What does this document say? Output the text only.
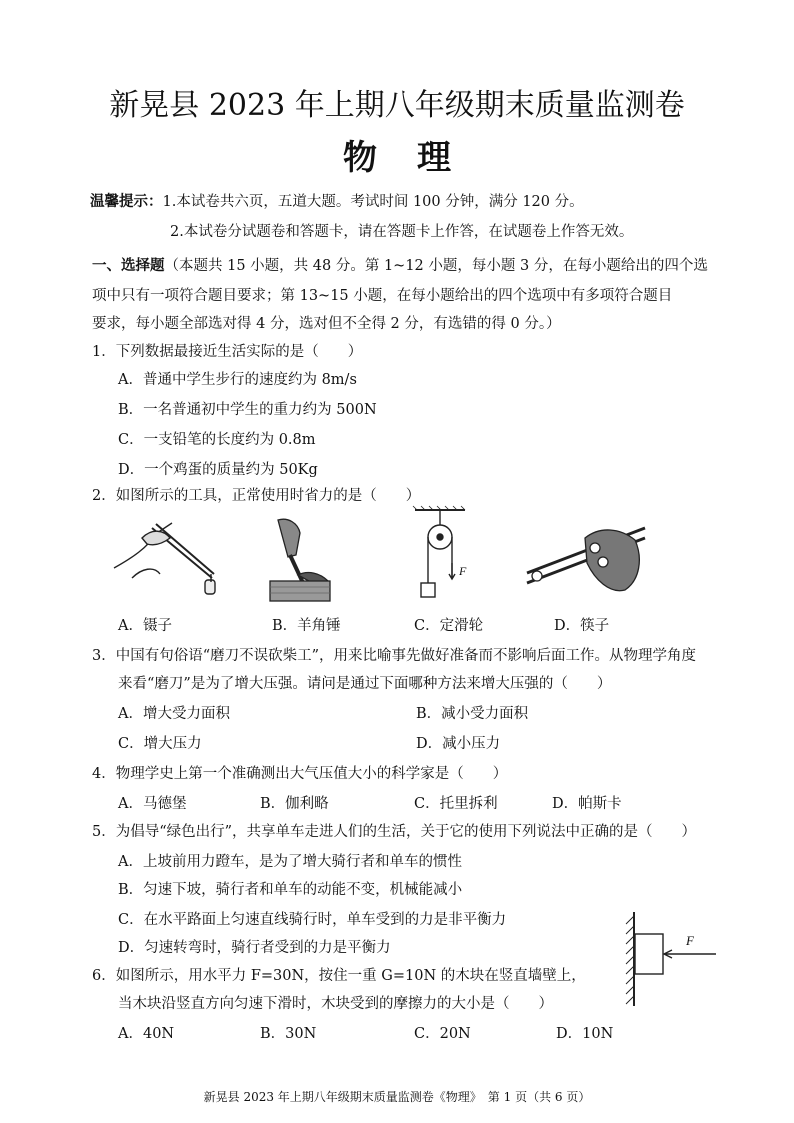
新晃县 2023 年上期八年级期末质量监测卷
物理
温馨提示：1.本试卷共六页，五道大题。考试时间 100 分钟，满分 120 分。
2.本试卷分试题卷和答题卡，请在答题卡上作答，在试题卷上作答无效。
一、选择题（本题共 15 小题，共 48 分。第 1~12 小题，每小题 3 分，在每小题给出的四个选
项中只有一项符合题目要求；第 13~15 小题，在每小题给出的四个选项中有多项符合题目
要求，每小题全部选对得 4 分，选对但不全得 2 分，有选错的得 0 分。）
1．下列数据最接近生活实际的是（　　）
A．普通中学生步行的速度约为 8m/s
B．一名普通初中学生的重力约为 500N
C．一支铅笔的长度约为 0.8m
D．一个鸡蛋的质量约为 50Kg
2．如图所示的工具，正常使用时省力的是（　　）
F
A．镊子	B．羊角锤	C．定滑轮	D．筷子
3．中国有句俗语“磨刀不误砍柴工”，用来比喻事先做好准备而不影响后面工作。从物理学角度
来看“磨刀”是为了增大压强。请问是通过下面哪种方法来增大压强的（　　）
A．增大受力面积	B．减小受力面积
C．增大压力	D．减小压力
4．物理学史上第一个准确测出大气压值大小的科学家是（　　）
A．马德堡	B．伽利略	C．托里拆利	D．帕斯卡
5．为倡导“绿色出行”，共享单车走进人们的生活，关于它的使用下列说法中正确的是（　　）
A．上坡前用力蹬车，是为了增大骑行者和单车的惯性
B．匀速下坡，骑行者和单车的动能不变，机械能减小
C．在水平路面上匀速直线骑行时，单车受到的力是非平衡力
D．匀速转弯时，骑行者受到的力是平衡力	F
6．如图所示，用水平力 F=30N，按住一重 G=10N 的木块在竖直墙壁上，
当木块沿竖直方向匀速下滑时，木块受到的摩擦力的大小是（　　）
A．40N	B．30N	C．20N	D．10N
新晃县 2023 年上期八年级期末质量监测卷《物理》　第 1 页（共 6 页）
